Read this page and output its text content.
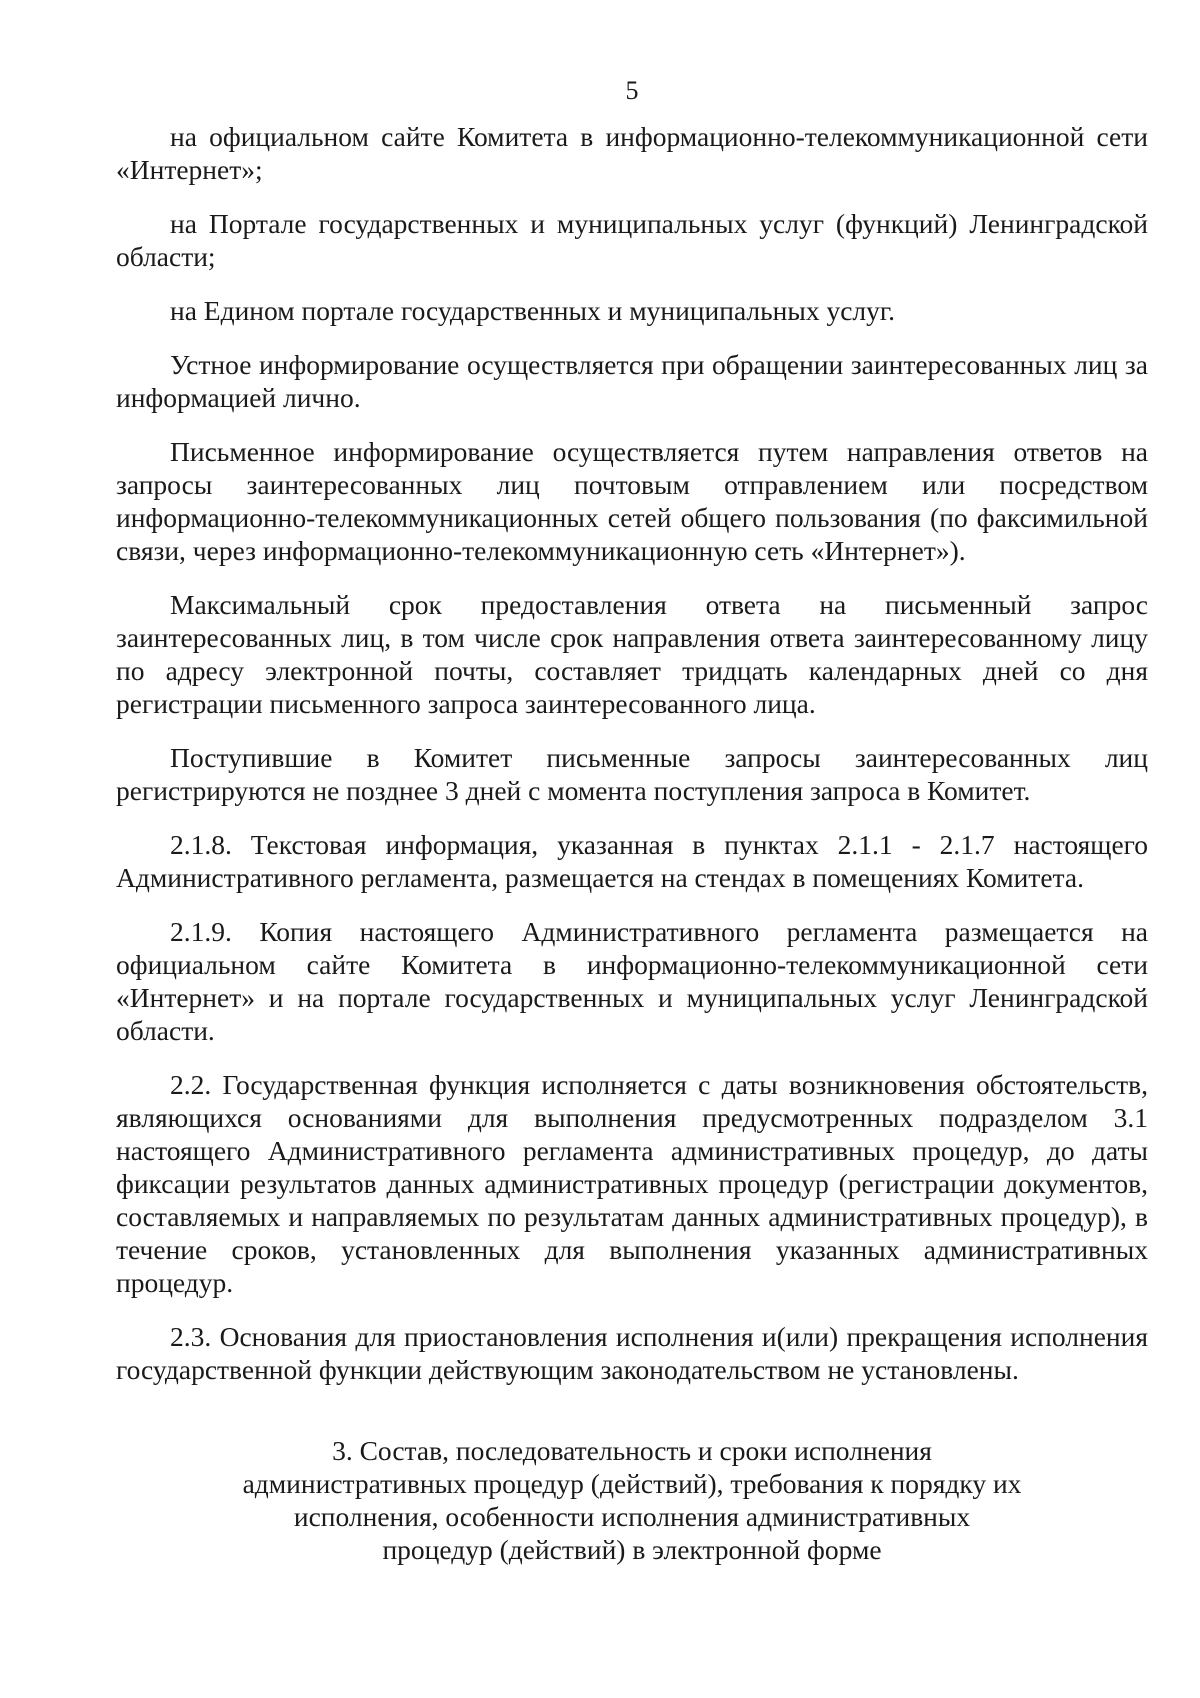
5

на официальном сайте Комитета в информационно-телекоммуникационной сети «Интернет»;

на Портале государственных и муниципальных услуг (функций) Ленинградской области;

на Едином портале государственных и муниципальных услуг.

Устное информирование осуществляется при обращении заинтересованных лиц за информацией лично.

Письменное информирование осуществляется путем направления ответов на запросы заинтересованных лиц почтовым отправлением или посредством информационно-телекоммуникационных сетей общего пользования (по факсимильной связи, через информационно-телекоммуникационную сеть «Интернет»).

Максимальный срок предоставления ответа на письменный запрос заинтересованных лиц, в том числе срок направления ответа заинтересованному лицу по адресу электронной почты, составляет тридцать календарных дней со дня регистрации письменного запроса заинтересованного лица.

Поступившие в Комитет письменные запросы заинтересованных лиц регистрируются не позднее 3 дней с момента поступления запроса в Комитет.

2.1.8. Текстовая информация, указанная в пунктах 2.1.1 - 2.1.7 настоящего Административного регламента, размещается на стендах в помещениях Комитета.

2.1.9. Копия настоящего Административного регламента размещается на официальном сайте Комитета в информационно-телекоммуникационной сети «Интернет» и на портале государственных и муниципальных услуг Ленинградской области.

2.2. Государственная функция исполняется с даты возникновения обстоятельств, являющихся основаниями для выполнения предусмотренных подразделом 3.1 настоящего Административного регламента административных процедур, до даты фиксации результатов данных административных процедур (регистрации документов, составляемых и направляемых по результатам данных административных процедур), в течение сроков, установленных для выполнения указанных административных процедур.

2.3. Основания для приостановления исполнения и(или) прекращения исполнения государственной функции действующим законодательством не установлены.

3. Состав, последовательность и сроки исполнения административных процедур (действий), требования к порядку их исполнения, особенности исполнения административных процедур (действий) в электронной форме
